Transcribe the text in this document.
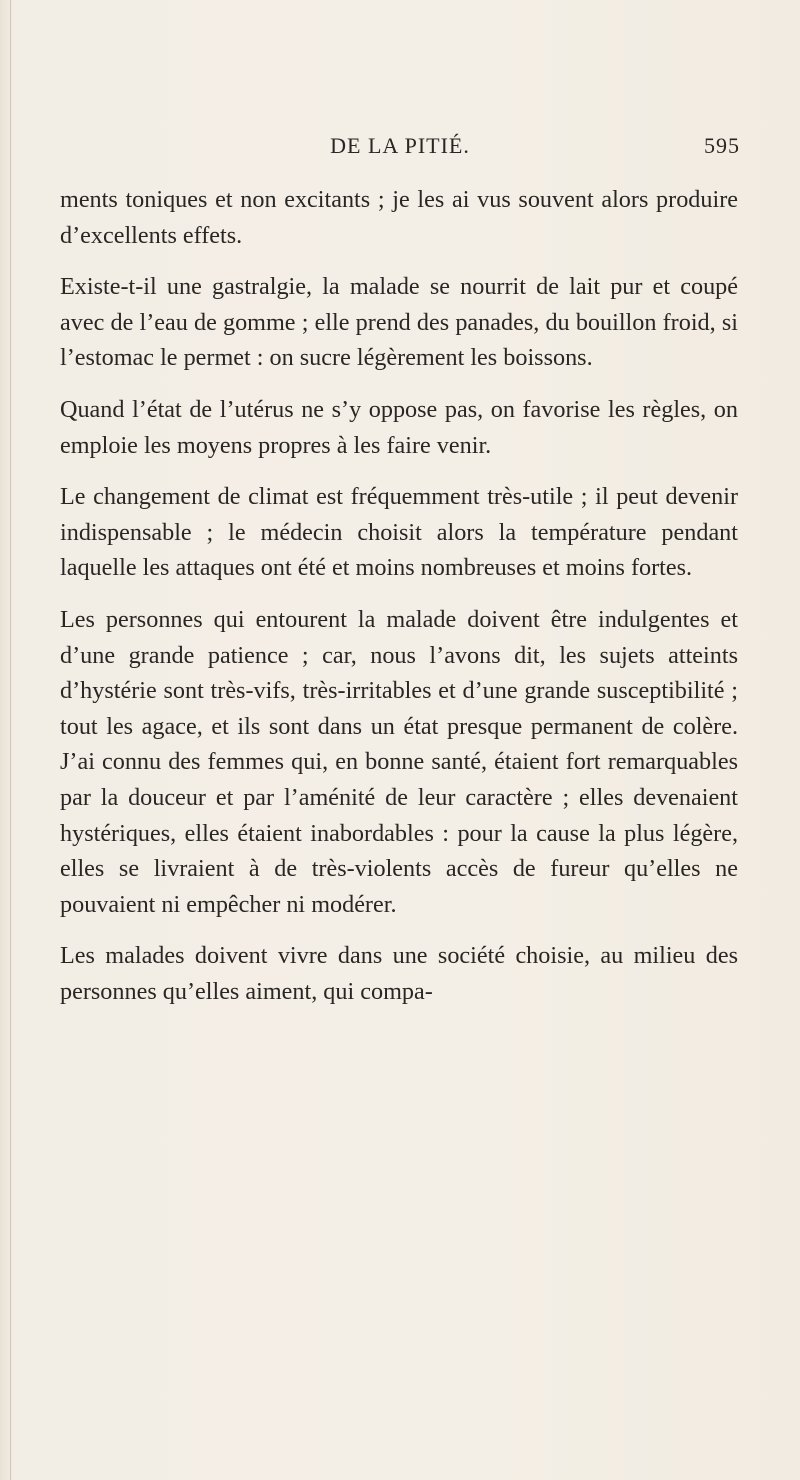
DE LA PITIÉ.	595

ments toniques et non excitants ; je les ai vus souvent alors produire d’excellents effets.

Existe-t-il une gastralgie, la malade se nourrit de lait pur et coupé avec de l’eau de gomme ; elle prend des panades, du bouillon froid, si l’estomac le permet : on sucre légèrement les boissons.

Quand l’état de l’utérus ne s’y oppose pas, on favorise les règles, on emploie les moyens propres à les faire venir.

Le changement de climat est fréquemment très-utile ; il peut devenir indispensable ; le médecin choisit alors la température pendant laquelle les attaques ont été et moins nombreuses et moins fortes.

Les personnes qui entourent la malade doivent être indulgentes et d’une grande patience ; car, nous l’avons dit, les sujets atteints d’hystérie sont très-vifs, très-irritables et d’une grande susceptibilité ; tout les agace, et ils sont dans un état presque permanent de colère. J’ai connu des femmes qui, en bonne santé, étaient fort remarquables par la douceur et par l’aménité de leur caractère ; elles devenaient hystériques, elles étaient inabordables : pour la cause la plus légère, elles se livraient à de très-violents accès de fureur qu’elles ne pouvaient ni empêcher ni modérer.

Les malades doivent vivre dans une société choisie, au milieu des personnes qu’elles aiment, qui compa-
